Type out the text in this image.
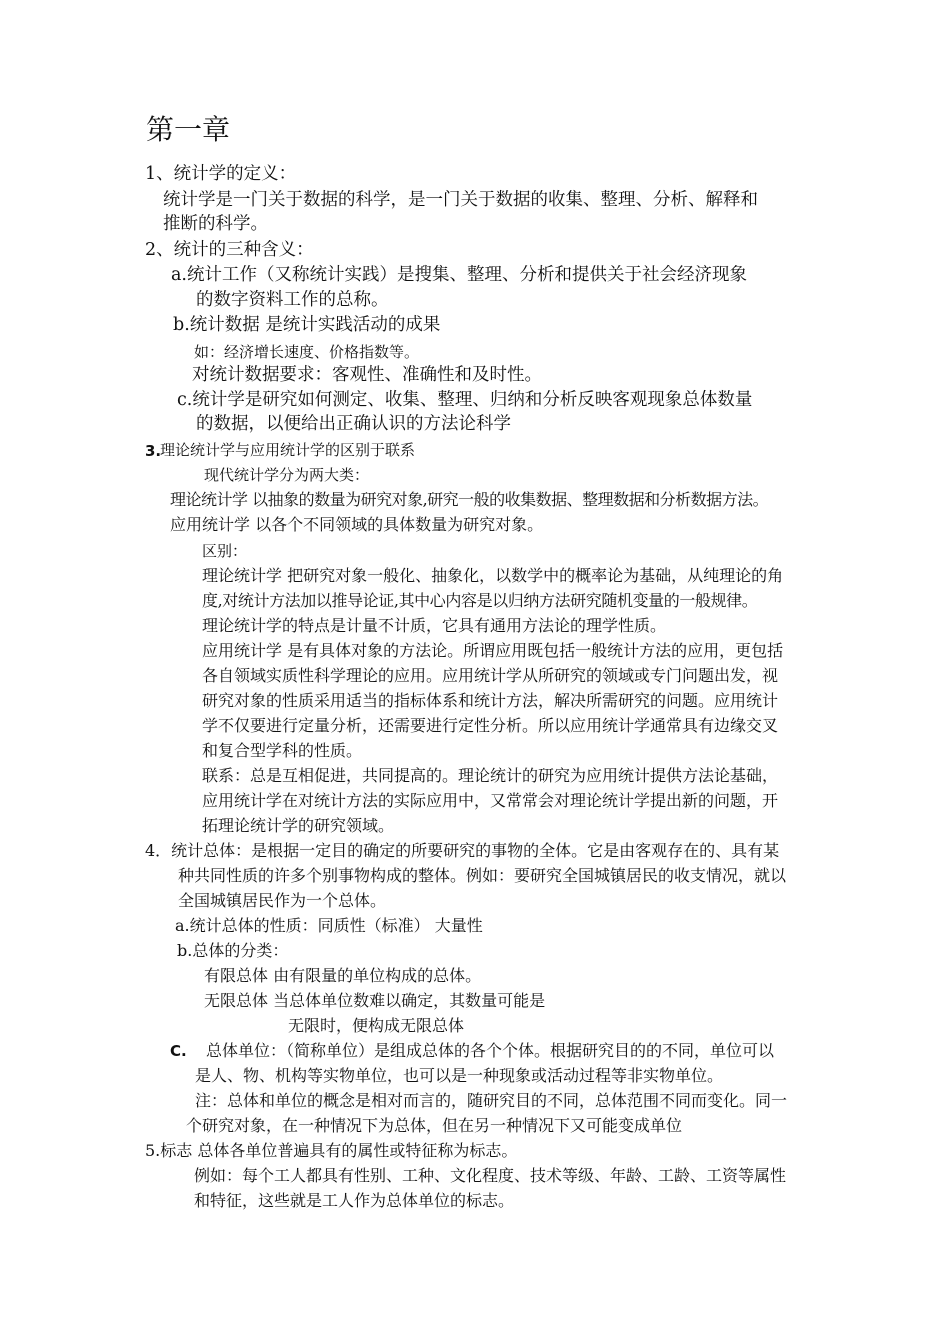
第一章
1、统计学的定义：
统计学是一门关于数据的科学，是一门关于数据的收集、整理、分析、解释和
推断的科学。
2、统计的三种含义：
a.统计工作（又称统计实践）是搜集、整理、分析和提供关于社会经济现象
的数字资料工作的总称。
b.统计数据 是统计实践活动的成果
如：经济增长速度、价格指数等。
对统计数据要求：客观性、准确性和及时性。
c.统计学是研究如何测定、收集、整理、归纳和分析反映客观现象总体数量
的数据，以便给出正确认识的方法论科学
3.
理论统计学与应用统计学的区别于联系
现代统计学分为两大类：
理论统计学 以抽象的数量为研究对象,研究一般的收集数据、整理数据和分析数据方法。
应用统计学 以各个不同领域的具体数量为研究对象。
区别：
理论统计学 把研究对象一般化、抽象化，以数学中的概率论为基础，从纯理论的角
度,对统计方法加以推导论证,其中心内容是以归纳方法研究随机变量的一般规律。
理论统计学的特点是计量不计质，它具有通用方法论的理学性质。
应用统计学 是有具体对象的方法论。所谓应用既包括一般统计方法的应用，更包括
各自领域实质性科学理论的应用。应用统计学从所研究的领域或专门问题出发，视
研究对象的性质采用适当的指标体系和统计方法，解决所需研究的问题。应用统计
学不仅要进行定量分析，还需要进行定性分析。所以应用统计学通常具有边缘交叉
和复合型学科的性质。
联系：总是互相促进，共同提高的。理论统计的研究为应用统计提供方法论基础，
应用统计学在对统计方法的实际应用中，又常常会对理论统计学提出新的问题，开
拓理论统计学的研究领域。
4．统计总体：是根据一定目的确定的所要研究的事物的全体。它是由客观存在的、具有某
种共同性质的许多个别事物构成的整体。例如：要研究全国城镇居民的收支情况，就以
全国城镇居民作为一个总体。
a.统计总体的性质：同质性（标准） 大量性
b.总体的分类：
有限总体 由有限量的单位构成的总体。
无限总体 当总体单位数难以确定，其数量可能是
无限时，便构成无限总体
C. 总体单位：（简称单位）是组成总体的各个个体。根据研究目的的不同，单位可以
是人、物、机构等实物单位，也可以是一种现象或活动过程等非实物单位。
注：总体和单位的概念是相对而言的，随研究目的不同，总体范围不同而变化。同一
个研究对象，在一种情况下为总体，但在另一种情况下又可能变成单位
5.标志 总体各单位普遍具有的属性或特征称为标志。
例如：每个工人都具有性别、工种、文化程度、技术等级、年龄、工龄、工资等属性
和特征，这些就是工人作为总体单位的标志。
